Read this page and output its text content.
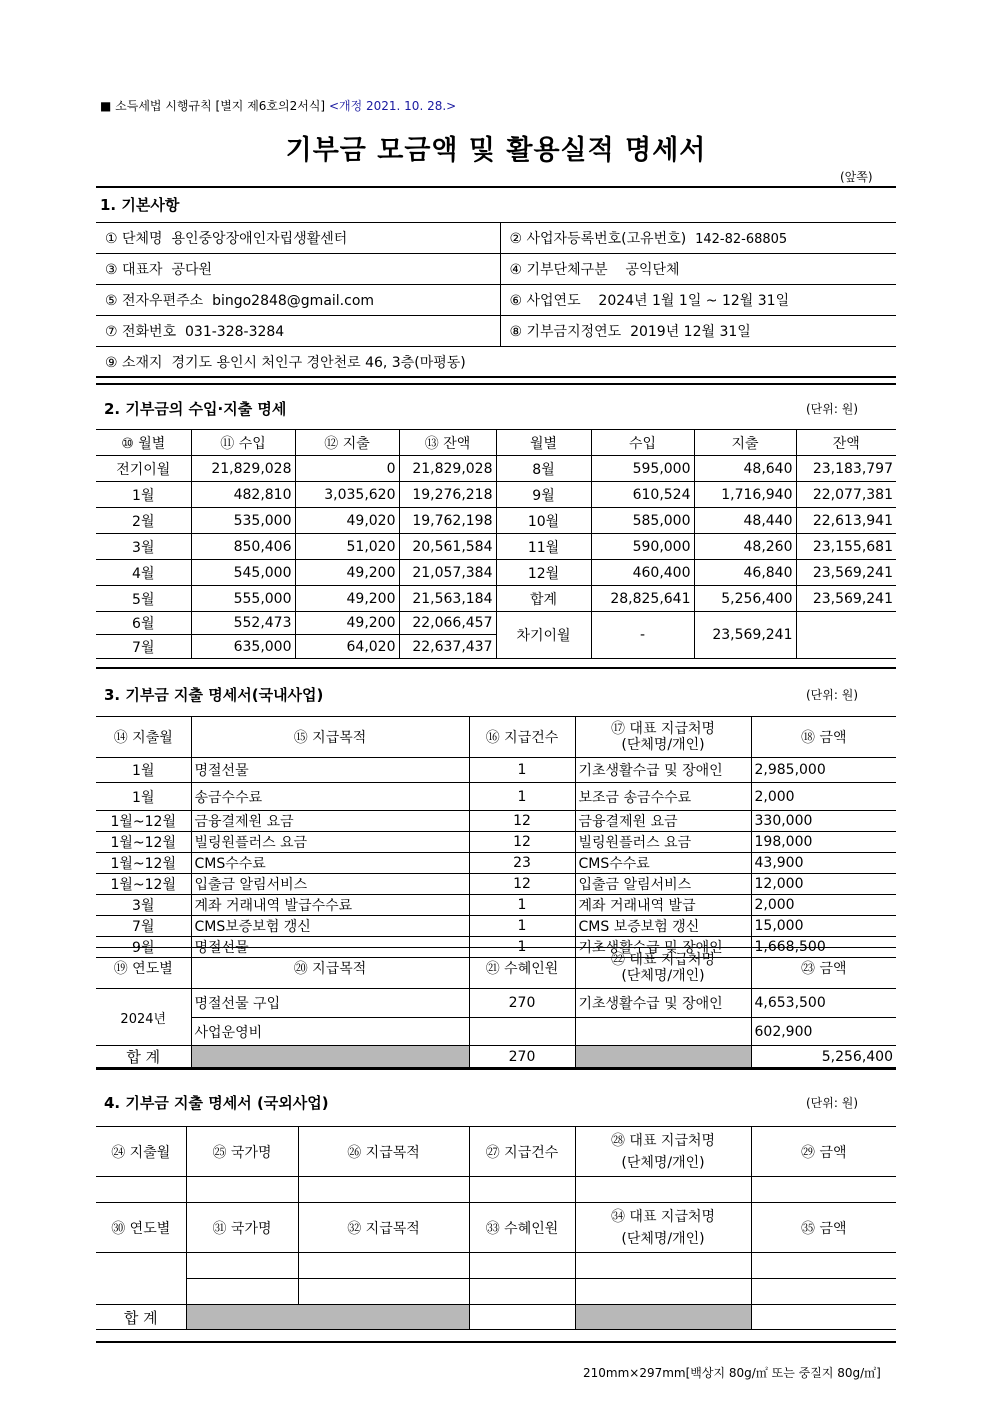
■ 소득세법 시행규칙 [별지 제6호의2서식] <개정 2021. 10. 28.>
기부금 모금액 및 활용실적 명세서
(앞쪽)
1. 기본사항
① 단체명 용인중앙장애인자립생활센터	② 사업자등록번호(고유번호) 142-82-68805
③ 대표자 공다원	④ 기부단체구분 공익단체
⑤ 전자우편주소 bingo2848@gmail.com	⑥ 사업연도 2024년 1월 1일 ~ 12월 31일
⑦ 전화번호 031-328-3284	⑧ 기부금지정연도 2019년 12월 31일
⑨ 소재지 경기도 용인시 처인구 경안천로 46, 3층(마평동)	
2. 기부금의 수입·지출 명세	(단위: 원)
⑩ 월별	⑪ 수입	⑫ 지출	⑬ 잔액	월별	수입	지출	잔액
전기이월	21,829,028	0	21,829,028	8월	595,000	48,640	23,183,797
1월	482,810	3,035,620	19,276,218	9월	610,524	1,716,940	22,077,381
2월	535,000	49,020	19,762,198	10월	585,000	48,440	22,613,941
3월	850,406	51,020	20,561,584	11월	590,000	48,260	23,155,681
4월	545,000	49,200	21,057,384	12월	460,400	46,840	23,569,241
5월	555,000	49,200	21,563,184	합계	28,825,641	5,256,400	23,569,241
6월	552,473	49,200	22,066,457	차기이월	-	23,569,241	
7월	635,000	64,020	22,637,437				
3. 기부금 지출 명세서(국내사업)	(단위: 원)
⑭ 지출월	⑮ 지급목적	⑯ 지급건수	⑰ 대표 지급처명
(단체명/개인)	⑱ 금액
1월	명절선물	1	기초생활수급 및 장애인	2,985,000
1월	송금수수료	1	보조금 송금수수료	2,000
1월~12월	금융결제원 요금	12	금융결제원 요금	330,000
1월~12월	빌링원플러스 요금	12	빌링원플러스 요금	198,000
1월~12월	CMS수수료	23	CMS수수료	43,900
1월~12월	입출금 알림서비스	12	입출금 알림서비스	12,000
3월	계좌 거래내역 발급수수료	1	계좌 거래내역 발급	2,000
7월	CMS보증보험 갱신	1	CMS 보증보험 갱신	15,000
9월	명절선물	1	기초생활수급 및 장애인	1,668,500
⑲ 연도별	⑳ 지급목적	㉑ 수혜인원	㉒ 대표 지급처명
(단체명/개인)	㉓ 금액
2024년	명절선물 구입	270	기초생활수급 및 장애인	4,653,500
	사업운영비			602,900
합 계		270		5,256,400
4. 기부금 지출 명세서 (국외사업)	(단위: 원)
㉔ 지출월	㉕ 국가명	㉖ 지급목적	㉗ 지급건수	㉘ 대표 지급처명
(단체명/개인)	㉙ 금액

㉚ 연도별	㉛ 국가명	㉜ 지급목적	㉝ 수혜인원	㉞ 대표 지급처명
(단체명/개인)	㉟ 금액

합 계					
210mm×297mm[백상지 80g/㎡ 또는 중질지 80g/㎡]
